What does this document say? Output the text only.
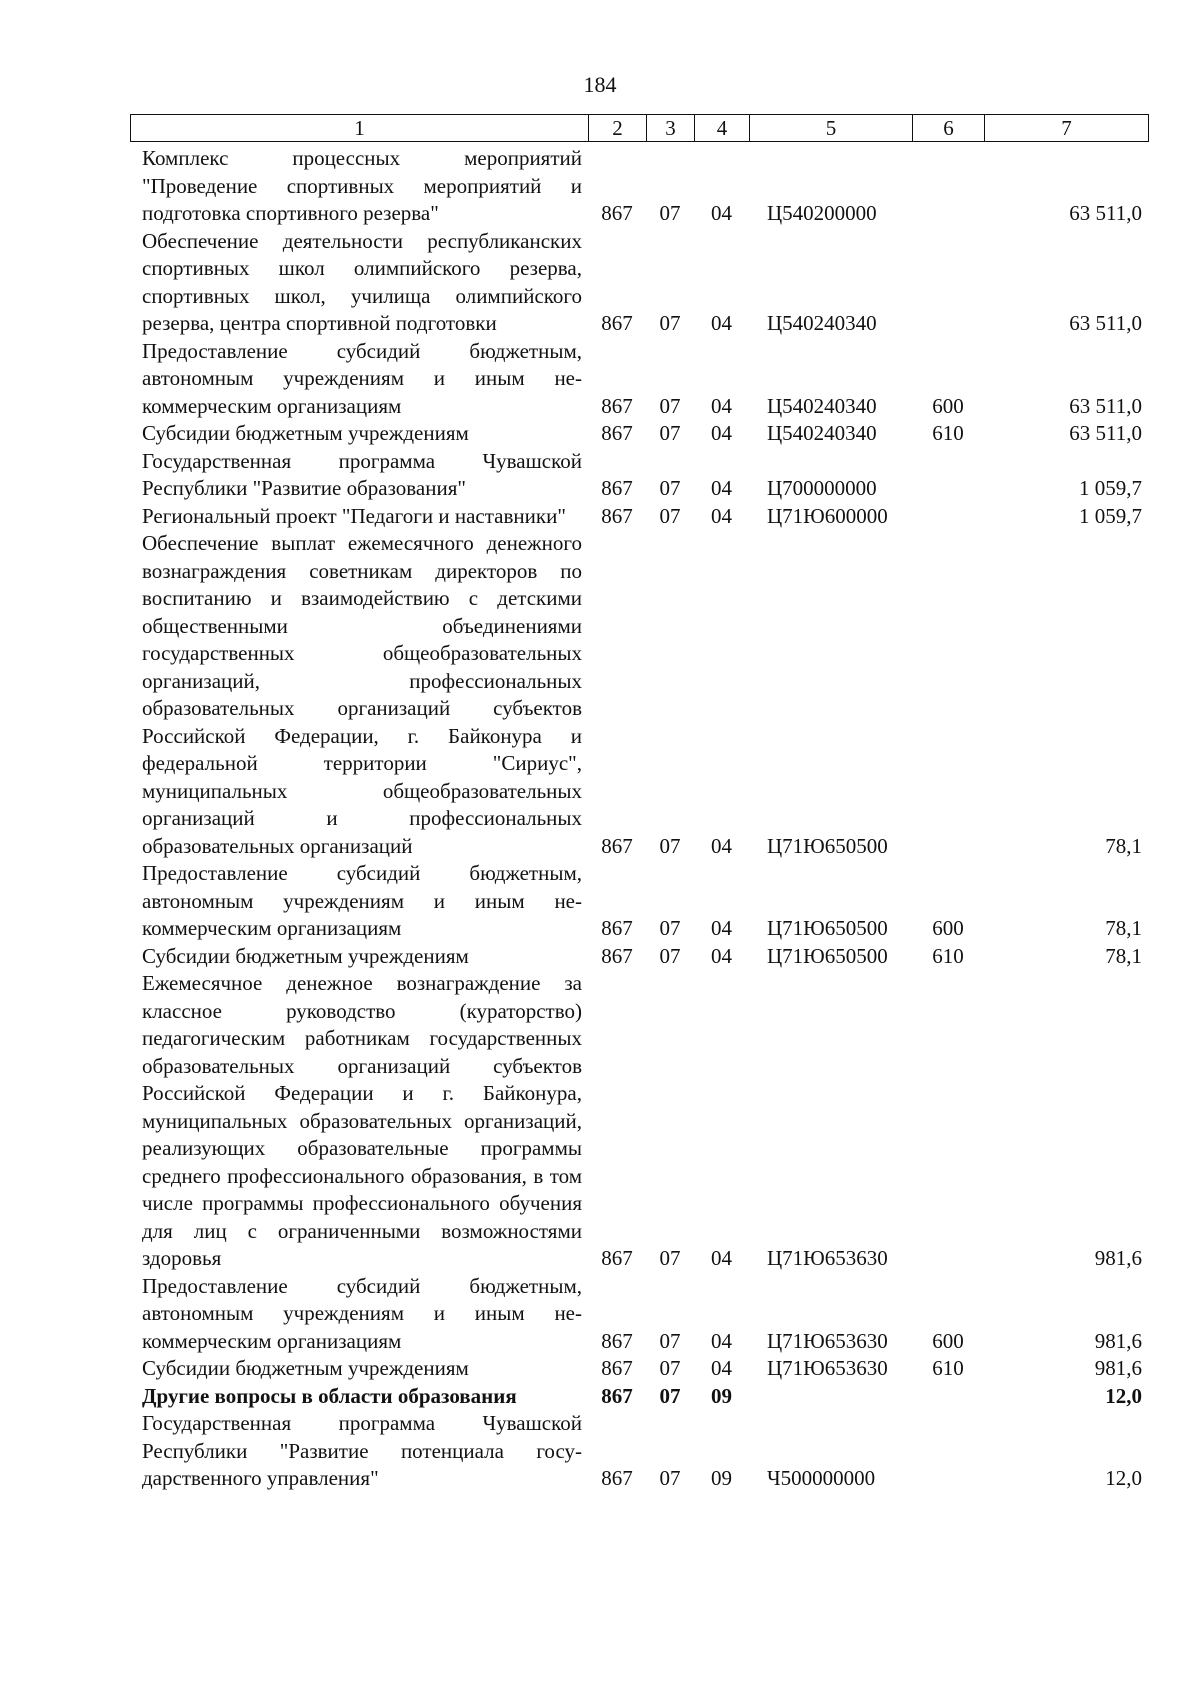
184
1	2	3	4	5	6	7
Комплекс процессных мероприятий "Проведение спортивных мероприятий и подготовка спортивного резерва"	867	07	04	Ц540200000		63 511,0
Обеспечение деятельности республиканских спортивных школ олимпийского резерва, спортивных школ, училища олимпийского резерва, центра спортивной подготовки	867	07	04	Ц540240340		63 511,0
Предоставление субсидий бюджетным, автономным учреждениям и иным некоммерческим организациям	867	07	04	Ц540240340	600	63 511,0
Субсидии бюджетным учреждениям	867	07	04	Ц540240340	610	63 511,0
Государственная программа Чувашской Республики "Развитие образования"	867	07	04	Ц700000000		1 059,7
Региональный проект "Педагоги и наставники"	867	07	04	Ц71Ю600000		1 059,7
Обеспечение выплат ежемесячного денежного вознаграждения советникам директоров по воспитанию и взаимодействию с детскими общественными объединениями государственных общеобразовательных организаций, профессиональных образовательных организаций субъектов Российской Федерации, г. Байконура и федеральной территории "Сириус", муниципальных общеобразовательных организаций и профессиональных образовательных организаций	867	07	04	Ц71Ю650500		78,1
Предоставление субсидий бюджетным, автономным учреждениям и иным некоммерческим организациям	867	07	04	Ц71Ю650500	600	78,1
Субсидии бюджетным учреждениям	867	07	04	Ц71Ю650500	610	78,1
Ежемесячное денежное вознаграждение за классное руководство (кураторство) педагогическим работникам государственных образовательных организаций субъектов Российской Федерации и г. Байконура, муниципальных образовательных организаций, реализующих образовательные программы среднего профессионального образования, в том числе программы профессионального обучения для лиц с ограниченными возможностями здоровья	867	07	04	Ц71Ю653630		981,6
Предоставление субсидий бюджетным, автономным учреждениям и иным некоммерческим организациям	867	07	04	Ц71Ю653630	600	981,6
Субсидии бюджетным учреждениям	867	07	04	Ц71Ю653630	610	981,6
Другие вопросы в области образования	867	07	09			12,0
Государственная программа Чувашской Республики "Развитие потенциала государственного управления"	867	07	09	Ч500000000		12,0
